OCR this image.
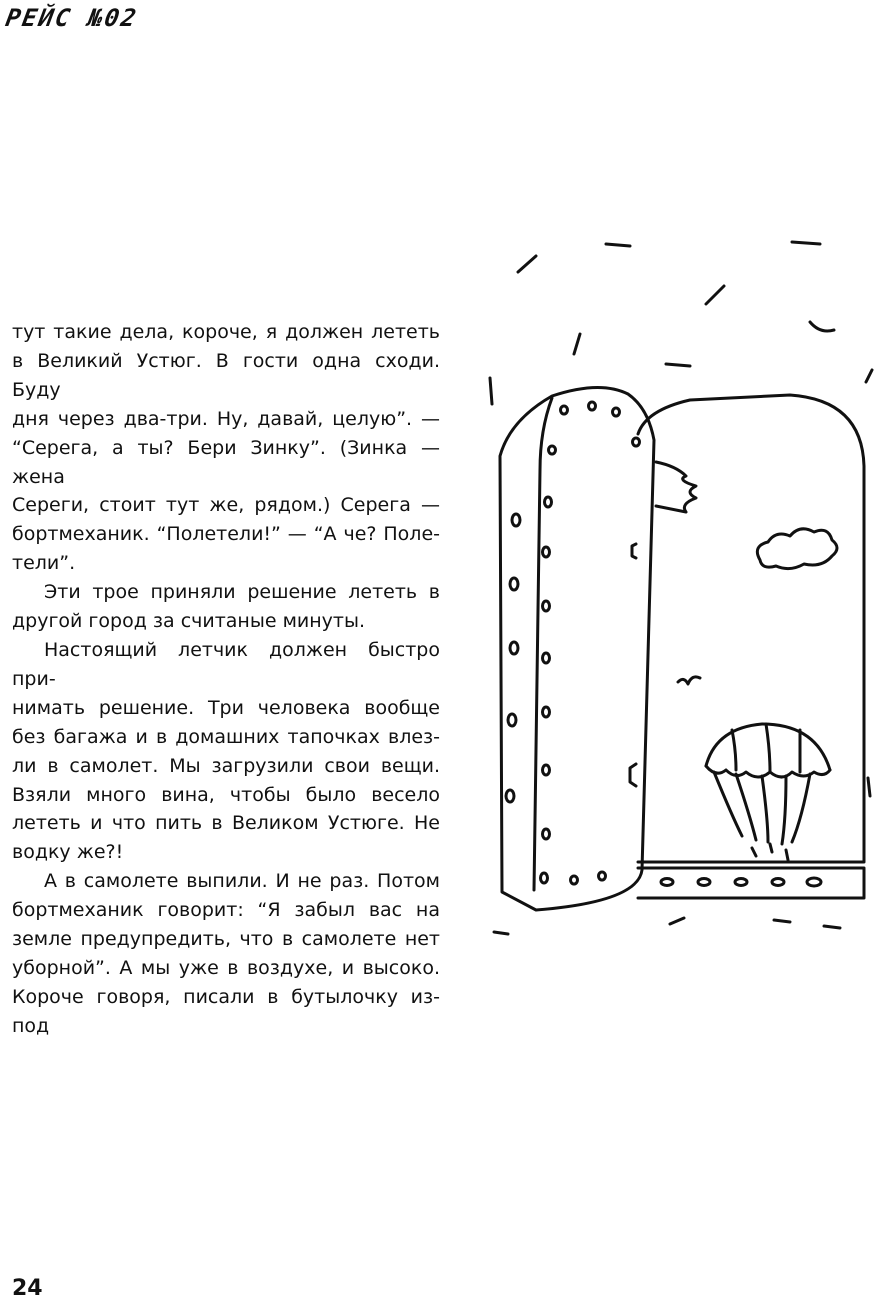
РЕЙС №02

тут такие дела, короче, я должен лететь

в Великий Устюг. В гости одна сходи. Буду

дня через два-три. Ну, давай, целую”. —

“Серега, а ты? Бери Зинку”. (Зинка — жена

Сереги, стоит тут же, рядом.) Серега —

бортмеханик. “Полетели!” — “А че? Поле-

тели”.

Эти трое приняли решение лететь в

другой город за считаные минуты.

Настоящий летчик должен быстро при-

нимать решение. Три человека вообще

без багажа и в домашних тапочках влез-

ли в самолет. Мы загрузили свои вещи.

Взяли много вина, чтобы было весело

лететь и что пить в Великом Устюге. Не

водку же?!

А в самолете выпили. И не раз. Потом

бортмеханик говорит: “Я забыл вас на

земле предупредить, что в самолете нет

уборной”. А мы уже в воздухе, и высоко.

Короче говоря, писали в бутылочку из-под

24
